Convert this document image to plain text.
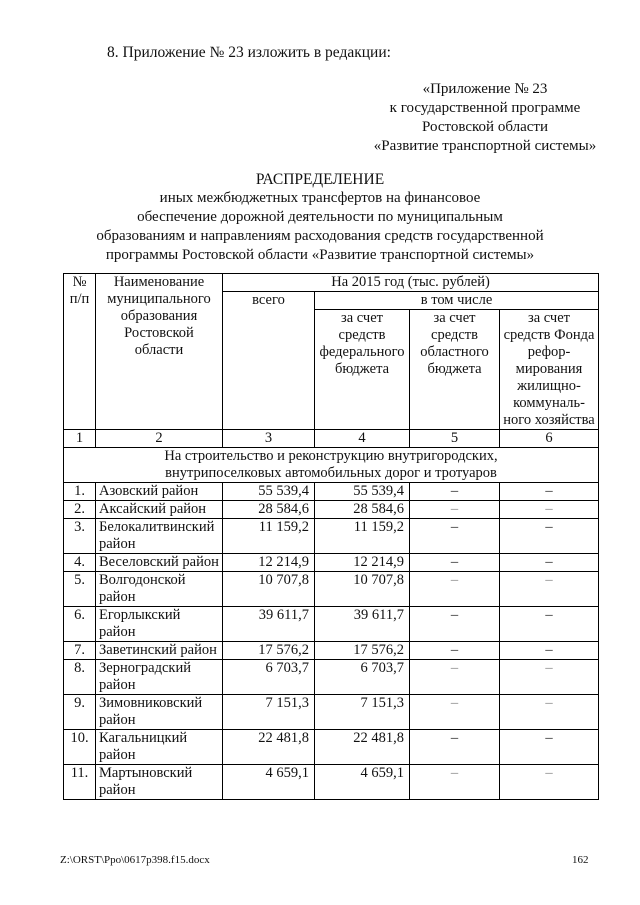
8. Приложение № 23 изложить в редакции:
«Приложение № 23
к государственной программе
Ростовской области
«Развитие транспортной системы»
РАСПРЕДЕЛЕНИЕ
иных межбюджетных трансфертов на финансовое
обеспечение дорожной деятельности по муниципальным
образованиям и направлениям расходования средств государственной
программы Ростовской области «Развитие транспортной системы»
№ п/п	Наименование муниципального образования Ростовской области	На 2015 год (тыс. рублей)			
		всего	в том числе		
			за счет средств федерального бюджета	за счет средств областного бюджета	за счет средств Фонда рефор-мирования жилищно-коммуналь-ного хозяйства
1	2	3	4	5	6
На строительство и реконструкцию внутригородских, внутрипоселковых автомобильных дорог и тротуаров					
1.	Азовский район	55 539,4	55 539,4	–	–
2.	Аксайский район	28 584,6	28 584,6	–	–
3.	Белокалитвинский район	11 159,2	11 159,2	–	–
4.	Веселовский район	12 214,9	12 214,9	–	–
5.	Волгодонской район	10 707,8	10 707,8	–	–
6.	Егорлыкский район	39 611,7	39 611,7	–	–
7.	Заветинский район	17 576,2	17 576,2	–	–
8.	Зерноградский район	6 703,7	6 703,7	–	–
9.	Зимовниковский район	7 151,3	7 151,3	–	–
10.	Кагальницкий район	22 481,8	22 481,8	–	–
11.	Мартыновский район	4 659,1	4 659,1	–	–
Z:\ORST\Ppo\0617p398.f15.docx	162
